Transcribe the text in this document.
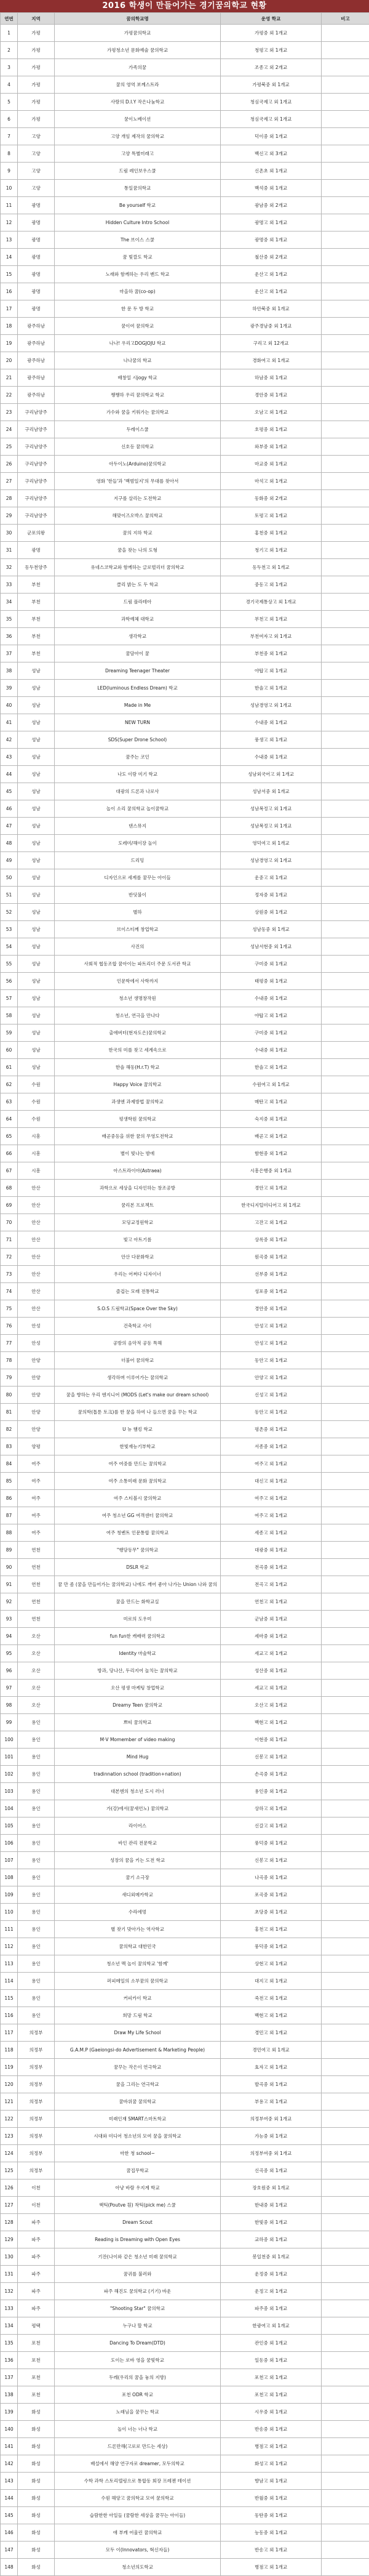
2016 학생이 만들어가는 경기꿈의학교 현황
연번	지역	꿈의학교명	운영 학교	비고
1	가평	가평꿈의학교	가평중 외 1개교	
2	가평	가평청소년 문화예술 꿈의학교	청평고 외 1개교	
3	가평	가족의꿈	조종고 외 2개교	
4	가평	꿈의 영역 보께스트라	가평북중 외 1개교	
5	가평	사랑의 D.I.Y 작은나눔학교	청심국제고 외 1개교	
6	가평	꿈이노베이션	청심국제고 외 1개교	
7	고양	고양 개임 제작의 꿈의학교	덕이중 외 1개교	
8	고양	고양 특별미래고	백신고 외 3개교	
9	고양	드림 레인보우스쿨	신촌초 외 1개교	
10	고양	통일꿈의학교	백석중 외 1개교	
11	광명	Be yourself 학교	광남중 외 2개교	
12	광명	Hidden Culture Intro School	광명고 외 1개교	
13	광명	The 브이스 스쿨	광명중 외 1개교	
14	광명	꿈 빛깔도 학교	철산중 외 2개교	
15	광명	노래와 함께하는 우리 밴드 학교	운산고 외 1개교	
16	광명	마을하 꿈(co-op)	운산고 외 1개교	
17	광명	한 문 두 방 학교	하안북중 외 1개교	
18	광주하남	꿈이여 꿈의학교	광주경남중 외 1개교	
19	광주하남	나나! 우리고DOGJOJU 학교	구리고 외 12개교	
20	광주하남	나나꿈의 학교	경화여고 외 1개교	
21	광주하남	배창일 시jogy 학교	하남중 외 1개교	
22	광주하남	쨍쨍하 우리 꿈의학교 학교	경안중 외 1개교	
23	구리남양주	가수와 꿈을 키워가는 꿈의학교	오남고 외 1개교	
24	구리남양주	두레이스쿨	호평중 외 1개교	
25	구리남양주	신호등 꿈의학교	와부중 외 1개교	
26	구리남양주	아두이노(Arduino)꿈의학교	마교중 외 1개교	
27	구리남양주	영화 '한들'과 '백범일지'의 무대를 찾아서	마석고 외 1개교	
28	구리남양주	지구를 살리는 도전학교	동화중 외 2개교	
29	구리남양주	해맞이즈오박스 꿈의학교	토평고 외 1개교	
30	군포의왕	꿈의 지하 학교	홍천중 외 1개교	
31	광명	꿈을 찾는 나의 도형	청기고 외 1개교	
32	동두천양주	유네스코학교와 함께하는 글로벌리더 꿈의학교	동두천고 외 1개교	
33	부천	클리 밝는 도 두 학교	중동고 외 1개교	
34	부천	드림 플라테아	경기국제통상고 외 1개교	
35	부천	과학예체 대학교	부천고 외 1개교	
36	부천	생각학교	부천여자고 외 1개교	
37	부천	꿈담아이 꿈	부천중 외 1개교	
38	성남	Dreaming Teenager Theater	야탑고 외 1개교	
39	성남	LED(luminous Endless Dream) 학교	한솔고 외 1개교	
40	성남	Made in Me	성남경영고 외 1개교	
41	성남	NEW TURN	수내중 외 1개교	
42	성남	SDS(Super Drone School)	풍생고 외 1개교	
43	성남	꿈주는 코인	수내중 외 1개교	
44	성남	나도 이랑 미기 학교	성남외국어고 외 1개교	
45	성남	대광의 드론과 나로사	성남서중 외 1개교	
46	성남	놀이 소리 꿈의학교 놀이꿈학교	성남복정고 외 1개교	
47	성남	댄스뮤지	성남복정고 외 1개교	
48	성남	도레미/해이장 놀이	영덕여고 외 1개교	
49	성남	드리밍	성남경영고 외 1개교	
50	성남	디자인으로 세계를 꿈꾸는 아이들	운중고 외 1개교	
51	성남	반딧불이	정자중 외 1개교	
52	성남	별하	상원중 외 1개교	
53	성남	브이스티께 창업학교	성남동중 외 1개교	
54	성남	사진의	성남서현중 외 1개교	
55	성남	사회적 협동조합 꿈아이는 파트리더 주문 도서관 학교	구미중 외 1개교	
56	성남	인문학에서 사학까지	태평중 외 1개교	
57	성남	청소년 생명창작원	수내중 외 1개교	
58	성남	청소년, 연극을 만나다	야탑고 외 1개교	
59	성남	출애버터(현자도은)꿈의학교	구미중 외 1개교	
60	성남	한국의 미를 찾고 세계속으로	수내중 외 1개교	
61	성남	한솔 해동(H.r.T) 학교	한솔고 외 1개교	
62	수원	Happy Voice 꿈의학교	수원여고 외 1개교	
63	수원	과생엔 과제방법 꿈의학교	매탄고 외 1개교	
64	수원	평생학원 꿈의학교	숙지중 외 1개교	
65	시흥	배곧중등을 위한 꿈의 무영도전학교	배곧고 외 1개교	
66	시흥	별이 빛나는 밤에	함현중 외 1개교	
67	시흥	아스트라이아(Astraea)	시흥은행중 외 1개교	
68	안산	과학으로 세상을 디자인하는 창조공방	경안고 외 1개교	
69	안산	꿈리본 프로젝트	한국디지털미디어고 외 1개교	
70	안산	모딩교정원학교	고잔고 외 1개교	
71	안산	빛고 아트기름	상록중 외 1개교	
72	안산	안산 다문화학교	원곡중 외 1개교	
73	안산	우리는 어쩌다 디자이너	선부중 외 1개교	
74	안산	즐겁는 모래 전통학교	성포중 외 1개교	
75	안산	S.O.S 드림학교(Space Over the Sky)	경안중 외 1개교	
76	안성	건축학교 사이	안성고 외 1개교	
77	안성	공방의 음악적 공동 특해	안성고 외 1개교	
78	안양	더불어 꿈의학교	동안고 외 1개교	
79	안양	생각하며 이루어가는 꿈의학교	안양고 외 1개교	
80	안양	꿈을 향하는 우리 엔지니어 (MODS (Let's make our dream school)	신성고 외 1개교	
81	안양	꿈의학(톱툰 토크)를 한 꿈을 하여 나 들으면 꿈을 꾸는 학교	동안고 외 1개교	
82	안양	U 뉴 햄킹 학교	평촌중 외 1개교	
83	양평	한빛재능기부학교	서종중 외 1개교	
84	여주	여주 여중를 만드는 꿈의학교	여주고 외 1개교	
85	여주	여주 소통미래 문화 꿈의학교	대신고 외 1개교	
86	여주	여주 스티볼시 꿈의학교	여주고 외 1개교	
87	여주	여주 청소년 GG 여객센터 꿈의학교	여주고 외 1개교	
88	여주	여주 청벤트 인문통합 꿈의학교	세종고 외 1개교	
89	연천	"행담동무" 꿈의학교	대광중 외 1개교	
90	연천	DSLR 학교	전곡중 외 1개교	
91	연천	꿈 만 좀 (꿈을 만들어가는 꿈의학교) 나에도 깨어 좋아 나가는 Union 나와 꿈의	전곡고 외 1개교	
92	연천	꿈을 만드는 화학교실	연천고 외 1개교	
93	연천	미로의 도우미	군남중 외 1개교	
94	오산	fun fun한 캐배력 꿈의학교	세마중 외 1개교	
95	오산	Identity 마술학교	세교고 외 1개교	
96	오산	방과, 당나산, 두리지어 놀치는 꿈의학교	성산중 외 1개교	
97	오산	오산 평생 마케팅 창업학교	세교고 외 1개교	
98	오산	Dreamy Teen 꿈의학교	오산고 외 1개교	
99	용인	쁘띠 꿈의학교	백현고 외 1개교	
100	용인	M·V Momember of video making	이현중 외 1개교	
101	용인	Mind Hug	신봉고 외 1개교	
102	용인	tradinnation school (tradition+nation)	손곡중 외 1개교	
103	용인	대본엔의 청소년 도시 러너	용인중 외 1개교	
104	용인	가(강)에서(꿈새언노) 꿈의학교	상하고 외 1개교	
105	용인	라이어스	신갈고 외 1개교	
106	용인	바인 관리 전문학교	풍덕중 외 1개교	
107	용인	성장의 꿈을 키는 도전 학교	신봉고 외 1개교	
108	용인	꿈기 소극장	나곡중 외 1개교	
109	용인	새디외메카학교	포곡중 외 1개교	
110	용인	수라에멍	초당중 외 1개교	
111	용인	별 찾기 맞아가는 역사학교	홍천고 외 1개교	
112	용인	꿈의학교 대한민국	풍덕중 외 1개교	
113	용인	청소년 맥 놀이 꿈의학교 '함께'	상현고 외 1개교	
114	용인	퍼피메일의 소부꿈의 꿈의학교	대지고 외 1개교	
115	용인	커피카이 학교	죽전고 외 1개교	
116	용인	희망 드림 학교	백현고 외 1개교	
117	의정부	Draw My Life School	경민고 외 1개교	
118	의정부	G.A.M.P (Gaeiongsi-do Advertisement & Marketing People)	경민여고 외 1개교	
119	의정부	꿈꾸는 작은이 연극학교	효자고 외 1개교	
120	의정부	꿈을 그리는 연극학교	발곡중 외 1개교	
121	의정부	꿈바위꿈 꿈의학교	부용고 외 1개교	
122	의정부	미래인재 SMART스마트학교	의정부여중 외 1개교	
123	의정부	시대와 미디어 청소년의 모여 꿈을 꿈의학교	가능중 외 1개교	
124	의정부	마한 청 school~	의정부여중 외 1개교	
125	의정부	꿈집무학교	신곡중 외 1개교	
126	이천	아냥 바람 우지계 학교	장호원중 외 1개교	
127	이천	핵틱(Poutve 흰) 착틱(pick me) 스쿨	한내중 외 1개교	
128	파주	Dream Scout	한빛중 외 1개교	
129	파주	Reading is Dreaming with Open Eyes	교하중 외 1개교	
130	파주	기잔(나이와 같은 청소년 미래 꿈의학교	봉일천중 외 1개교	
131	파주	꿈귀를 불러와	운정중 외 1개교	
132	파주	파주 해진도 꿈의학교 (기기) 바운	운정고 외 1개교	
133	파주	"Shooting Star" 꿈의학교	파주중 외 1개교	
134	평택	누구나 할 학교	한광여고 외 1개교	
135	포천	Dancing To Dream(DTD)	관인중 외 1개교	
136	포천	도이는 로바 영을 꿈빛학교	일동중 외 1개교	
137	포천	두레(우리의 꿈을 놓의 지방)	포천고 외 1개교	
138	포천	포천 ODR 학교	포천고 외 1개교	
139	화성	노래님을 꿈꾸는 학교	시우중 외 1개교	
140	화성	놀이 너는 너나 학교	반송중 외 1개교	
141	화성	드론만해(고로로 만드는 세상)	병점고 외 1개교	
142	화성	배설에서 해양 연구자로 dreamer, 모두의학교	화성고 외 1개교	
143	화성	수학 과학 스토리텔링으로 통합동 회장 프레젠 테이션	향남고 외 1개교	
144	화성	수원 해양고 꿈의학교 모여 꿈의학교	반월중 외 1개교	
145	화성	습람한한 아일들 (꿈람한 세상을 꿈꾸는 아이들)	동탄중 외 1개교	
146	화성	애 부캐 어울린 꿈의학교	능동중 외 1개교	
147	화성	모두 이(Innovators, 혁신자들)	반송고 외 1개교	
148	화성	청소년의도학교	병점고 외 1개교	
